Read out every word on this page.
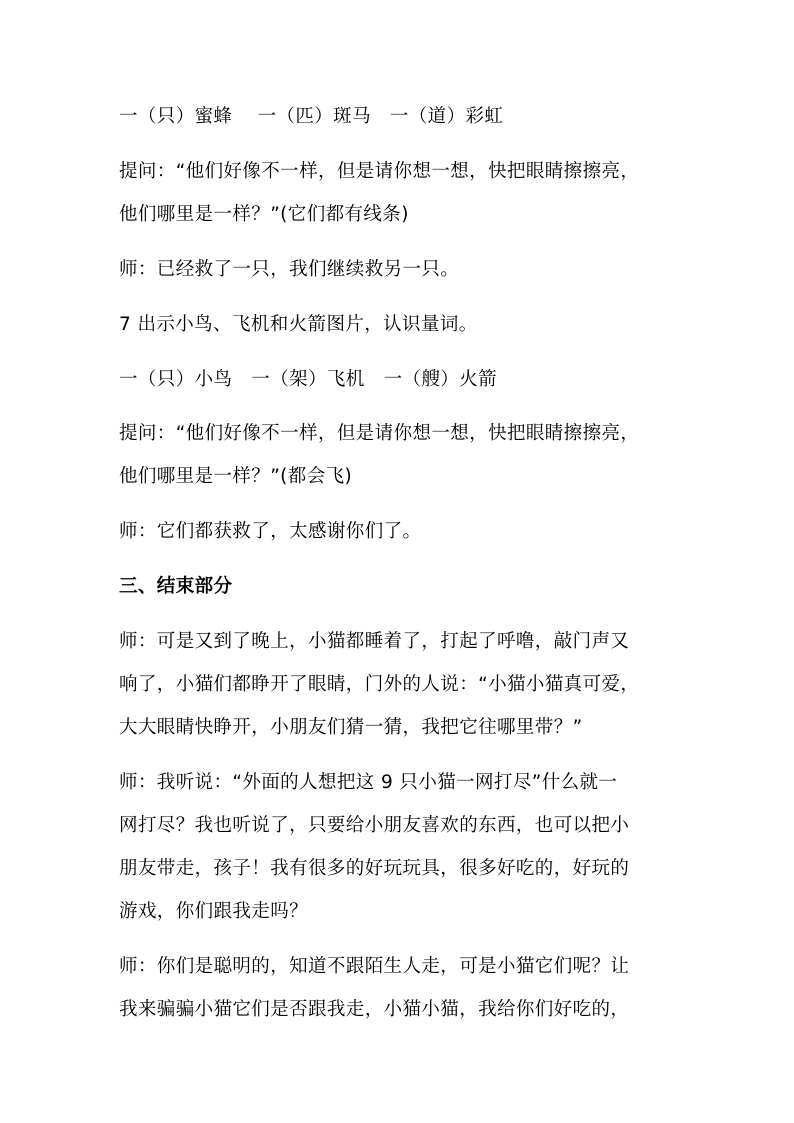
一（只）蜜蜂　 一（匹）斑马　一（道）彩虹
提问：“他们好像不一样，但是请你想一想，快把眼睛擦擦亮，
他们哪里是一样？”(它们都有线条)
师：已经救了一只，我们继续救另一只。
7 出示小鸟、飞机和火箭图片，认识量词。
一（只）小鸟　一（架）飞机　一（艘）火箭
提问：“他们好像不一样，但是请你想一想，快把眼睛擦擦亮，
他们哪里是一样？”(都会飞)
师：它们都获救了，太感谢你们了。
三、结束部分
师：可是又到了晚上，小猫都睡着了，打起了呼噜，敲门声又
响了，小猫们都睁开了眼睛，门外的人说：“小猫小猫真可爱，
大大眼睛快睁开，小朋友们猜一猜，我把它往哪里带？”
师：我听说：“外面的人想把这 9 只小猫一网打尽”什么就一
网打尽？我也听说了，只要给小朋友喜欢的东西，也可以把小
朋友带走，孩子！我有很多的好玩玩具，很多好吃的，好玩的
游戏，你们跟我走吗？
师：你们是聪明的，知道不跟陌生人走，可是小猫它们呢？让
我来骗骗小猫它们是否跟我走，小猫小猫，我给你们好吃的，
